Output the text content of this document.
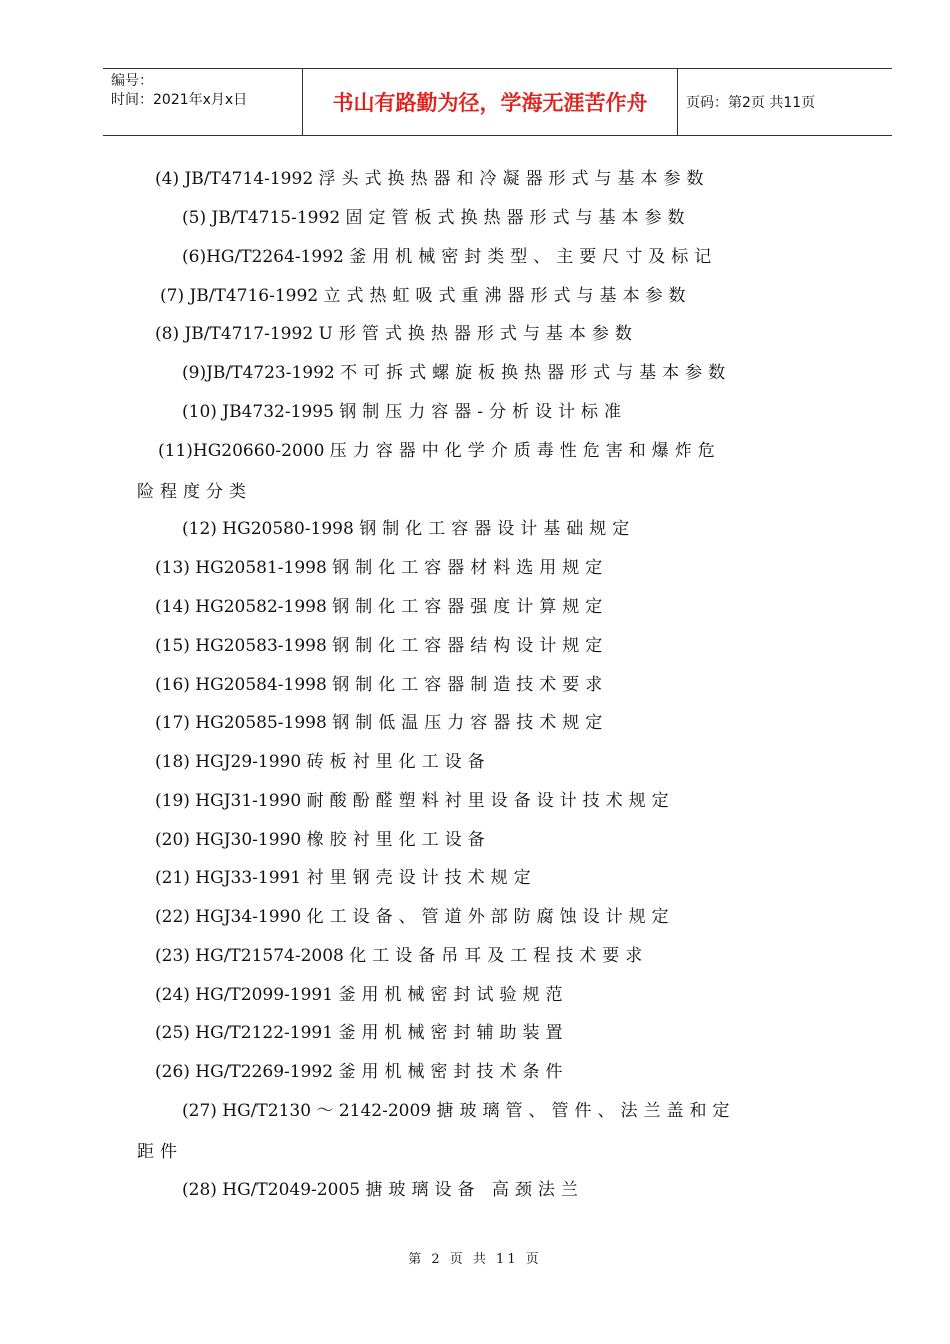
编号：
时间：2021年x月x日	书山有路勤为径，学海无涯苦作舟	页码：第2页 共11页
(4) JB/T4714-1992 浮头式换热器和冷凝器形式与基本参数
(5) JB/T4715-1992 固定管板式换热器形式与基本参数
(6)HG/T2264-1992 釜用机械密封类型、主要尺寸及标记
(7) JB/T4716-1992 立式热虹吸式重沸器形式与基本参数
(8) JB/T4717-1992 U形管式换热器形式与基本参数
(9)JB/T4723-1992 不可拆式螺旋板换热器形式与基本参数
(10) JB4732-1995 钢制压力容器-分析设计标准
(11)HG20660-2000 压力容器中化学介质毒性危害和爆炸危
险程度分类
(12) HG20580-1998 钢制化工容器设计基础规定
(13) HG20581-1998 钢制化工容器材料选用规定
(14) HG20582-1998 钢制化工容器强度计算规定
(15) HG20583-1998 钢制化工容器结构设计规定
(16) HG20584-1998 钢制化工容器制造技术要求
(17) HG20585-1998 钢制低温压力容器技术规定
(18) HGJ29-1990 砖板衬里化工设备
(19) HGJ31-1990 耐酸酚醛塑料衬里设备设计技术规定
(20) HGJ30-1990 橡胶衬里化工设备
(21) HGJ33-1991 衬里钢壳设计技术规定
(22) HGJ34-1990 化工设备、管道外部防腐蚀设计规定
(23) HG/T21574-2008 化工设备吊耳及工程技术要求
(24) HG/T2099-1991 釜用机械密封试验规范
(25) HG/T2122-1991 釜用机械密封辅助装置
(26) HG/T2269-1992 釜用机械密封技术条件
(27) HG/T2130 ～ 2142-2009 搪玻璃管、管件、法兰盖和定
距件
(28) HG/T2049-2005 搪玻璃设备 高颈法兰
第 2 页 共 11 页
